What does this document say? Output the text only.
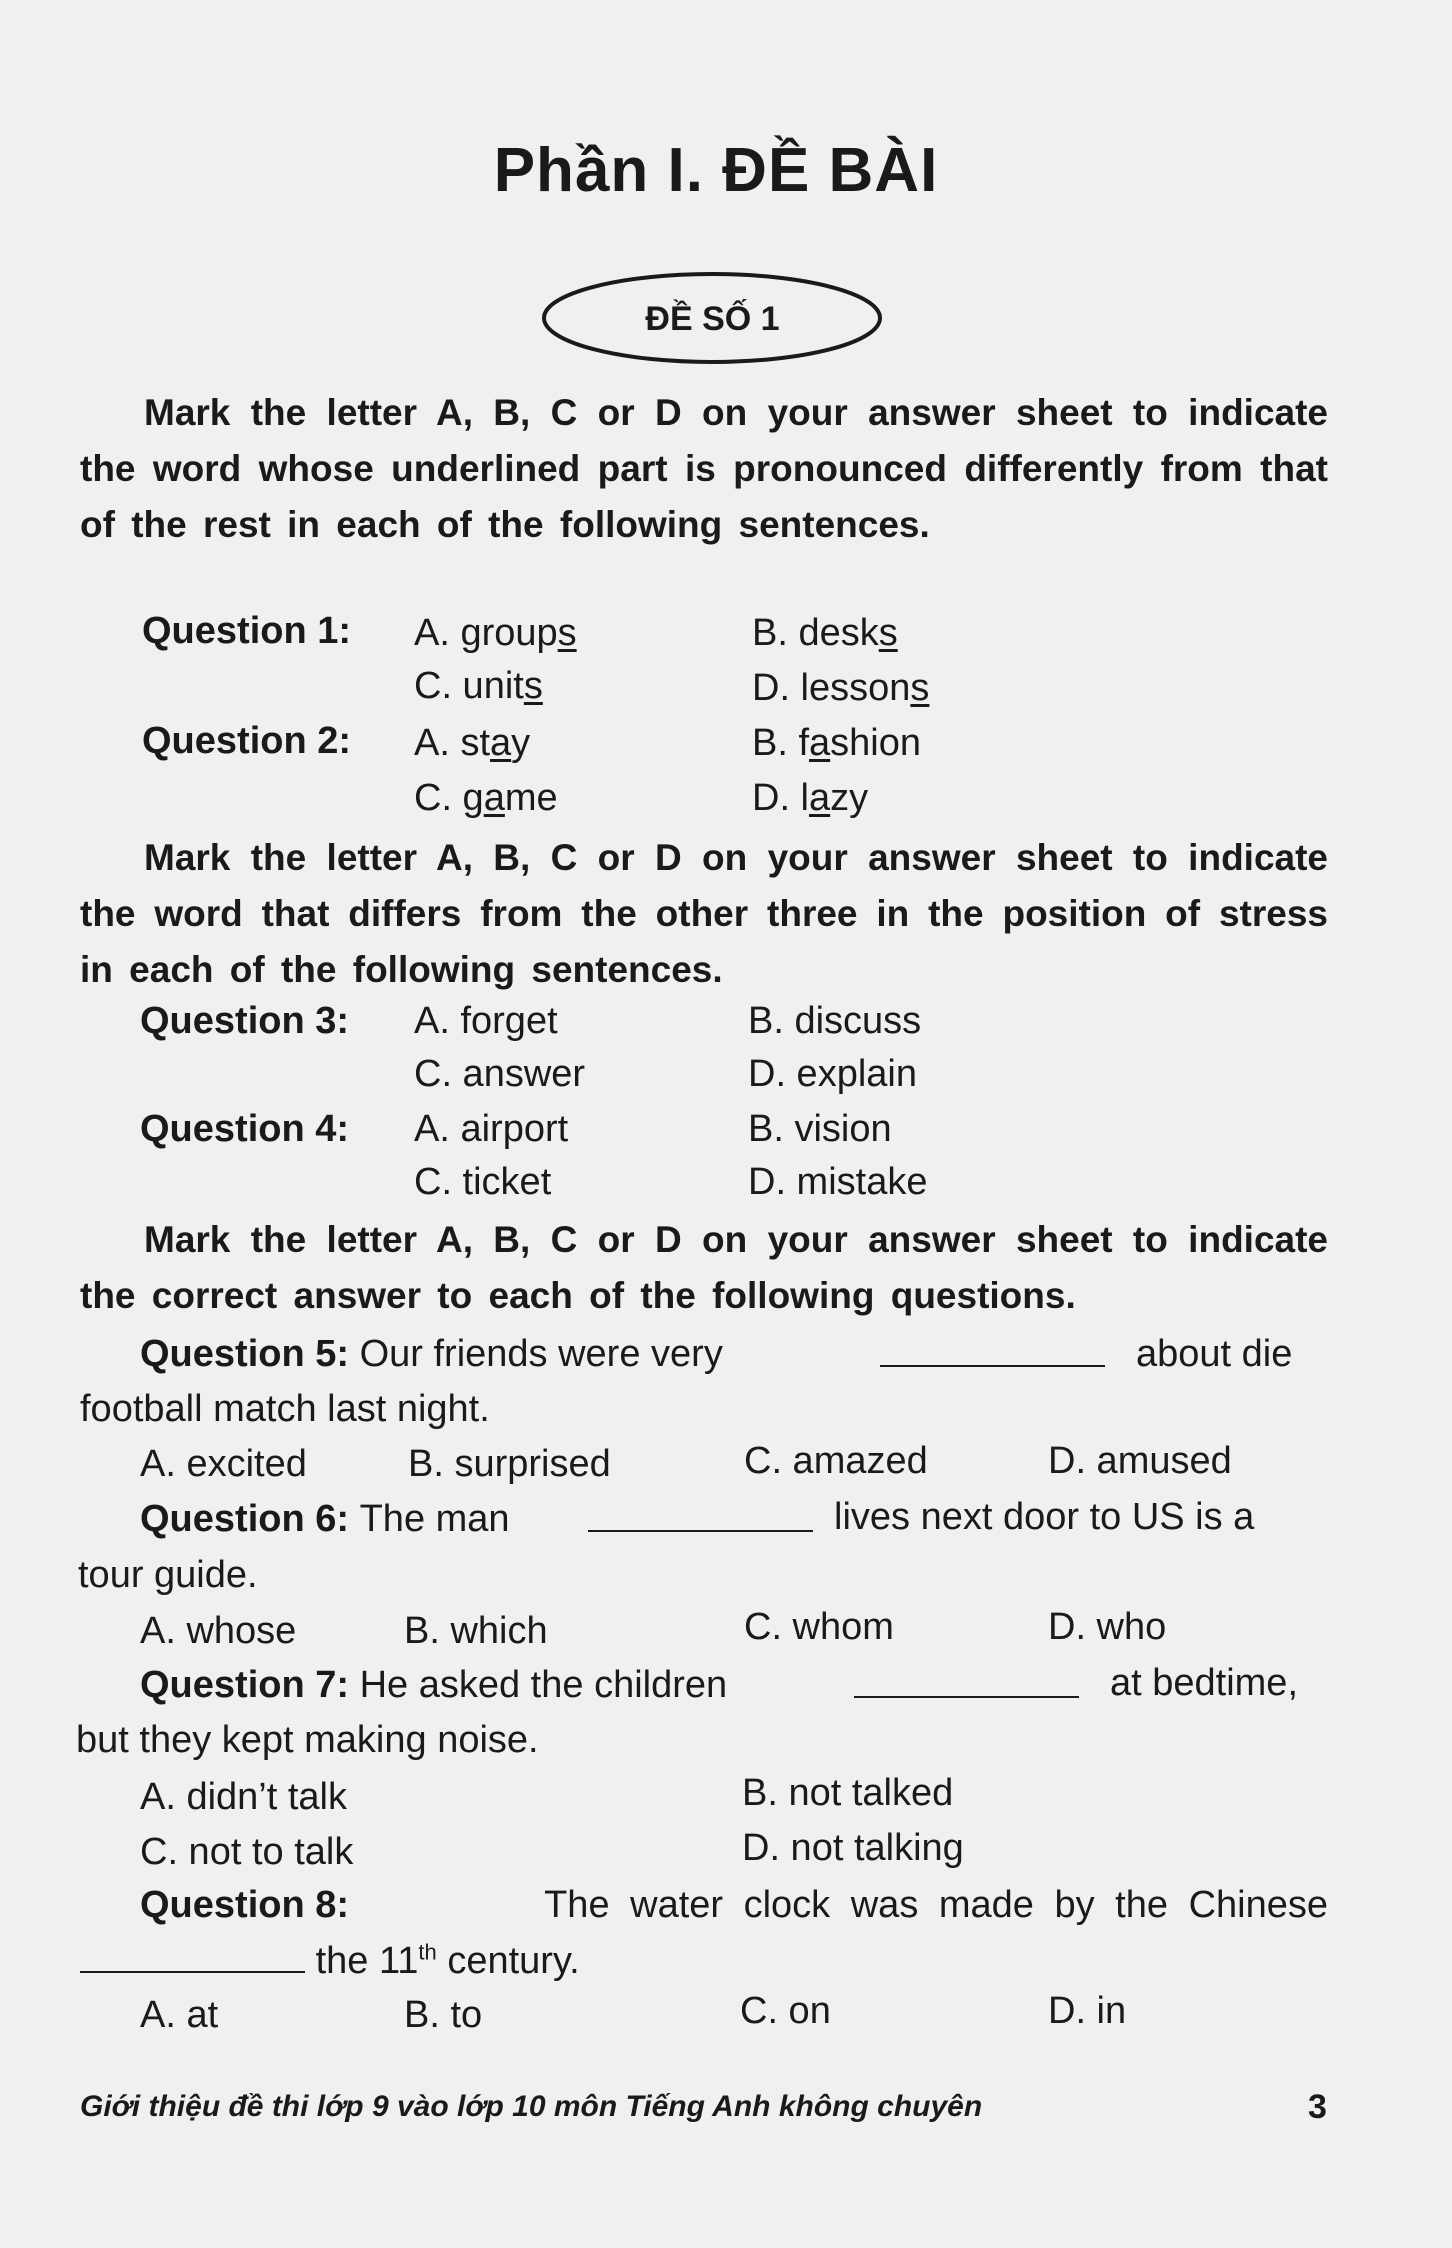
Phần I. ĐỀ BÀI
ĐỀ SỐ 1
Mark the letter A, B, C or D on your answer sheet to indicate the word whose underlined part is pronounced differently from that of the rest in each of the following sentences.
Question 1: A. groups	B. desks
C. units	D. lessons
Question 2: A. stay	B. fashion
C. game	D. lazy
Mark the letter A, B, C or D on your answer sheet to indicate the word that differs from the other three in the position of stress in each of the following sentences.
Question 3: A. forget	B. discuss
C. answer	D. explain
Question 4: A. airport	B. vision
C. ticket	D. mistake
Mark the letter A, B, C or D on your answer sheet to indicate the correct answer to each of the following questions.
Question 5: Our friends were very	about die
football match last night.
A. excited	B. surprised	C. amazed	D. amused
Question 6: The man	lives next door to US is a
tour guide.
A. whose	B. which	C. whom	D. who
Question 7: He asked the children	at bedtime,
but they kept making noise.
A. didn’t talk	B. not talked
C. not to talk	D. not talking
Question 8:	The water clock was made by the Chinese
the 11th century.
A. at	B. to	C. on	D. in
Giới thiệu đề thi lớp 9 vào lớp 10 môn Tiếng Anh không chuyên	3
